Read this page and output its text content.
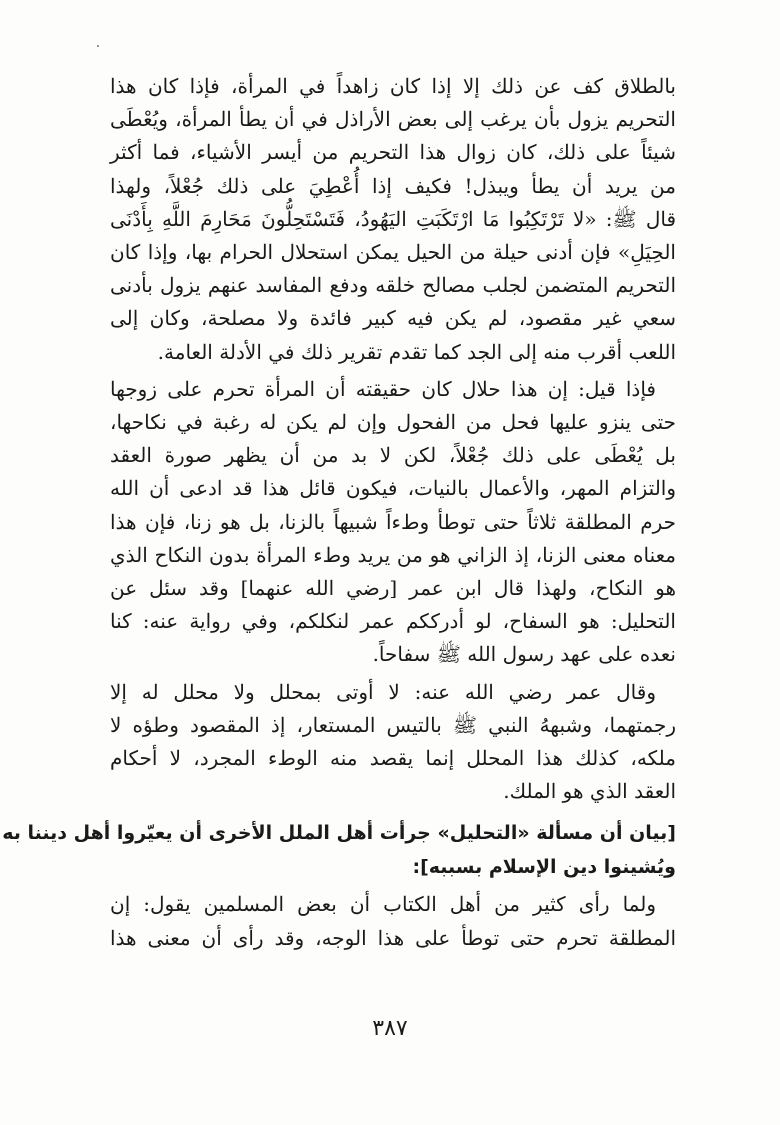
بالطلاق كف عن ذلك إلا إذا كان زاهداً في المرأة، فإذا كان هذا
التحريم يزول بأن يرغب إلى بعض الأراذل في أن يطأ المرأة، ويُعْطَى
شيئاً على ذلك، كان زوال هذا التحريم من أيسر الأشياء، فما أكثر
من يريد أن يطأ ويبذل! فكيف إذا أُعْطِيَ على ذلك جُعْلاً، ولهذا
قال ﷺ: «لا تَرْتَكِبُوا مَا ارْتَكَبَتِ اليَهُودُ، فَتَسْتَحِلُّونَ مَحَارِمَ اللَّهِ بِأَدْنَى
الحِيَلِ» فإن أدنى حيلة من الحيل يمكن استحلال الحرام بها، وإذا كان
التحريم المتضمن لجلب مصالح خلقه ودفع المفاسد عنهم يزول بأدنى
سعي غير مقصود، لم يكن فيه كبير فائدة ولا مصلحة، وكان إلى
اللعب أقرب منه إلى الجد كما تقدم تقرير ذلك في الأدلة العامة.
فإذا قيل: إن هذا حلال كان حقيقته أن المرأة تحرم على زوجها
حتى ينزو عليها فحل من الفحول وإن لم يكن له رغبة في نكاحها،
بل يُعْطَى على ذلك جُعْلاً، لكن لا بد من أن يظهر صورة العقد
والتزام المهر، والأعمال بالنيات، فيكون قائل هذا قد ادعى أن الله
حرم المطلقة ثلاثاً حتى توطأ وطءاً شبيهاً بالزنا، بل هو زنا، فإن هذا
معناه معنى الزنا، إذ الزاني هو من يريد وطء المرأة بدون النكاح الذي
هو النكاح، ولهذا قال ابن عمر [رضي الله عنهما] وقد سئل عن
التحليل: هو السفاح، لو أدرككم عمر لنكلكم، وفي رواية عنه: كنا
نعده على عهد رسول الله ﷺ سفاحاً.
وقال عمر رضي الله عنه: لا أوتى بمحلل ولا محلل له إلا
رجمتهما، وشبههُ النبي ﷺ بالتيس المستعار، إذ المقصود وطؤه لا
ملكه، كذلك هذا المحلل إنما يقصد منه الوطء المجرد، لا أحكام
العقد الذي هو الملك.
[بيان أن مسألة «التحليل» جرأت أهل الملل الأخرى أن يعيّروا أهل ديننا به
ويُشينوا دين الإسلام بسببه]:
ولما رأى كثير من أهل الكتاب أن بعض المسلمين يقول: إن
المطلقة تحرم حتى توطأ على هذا الوجه، وقد رأى أن معنى هذا
٣٨٧
